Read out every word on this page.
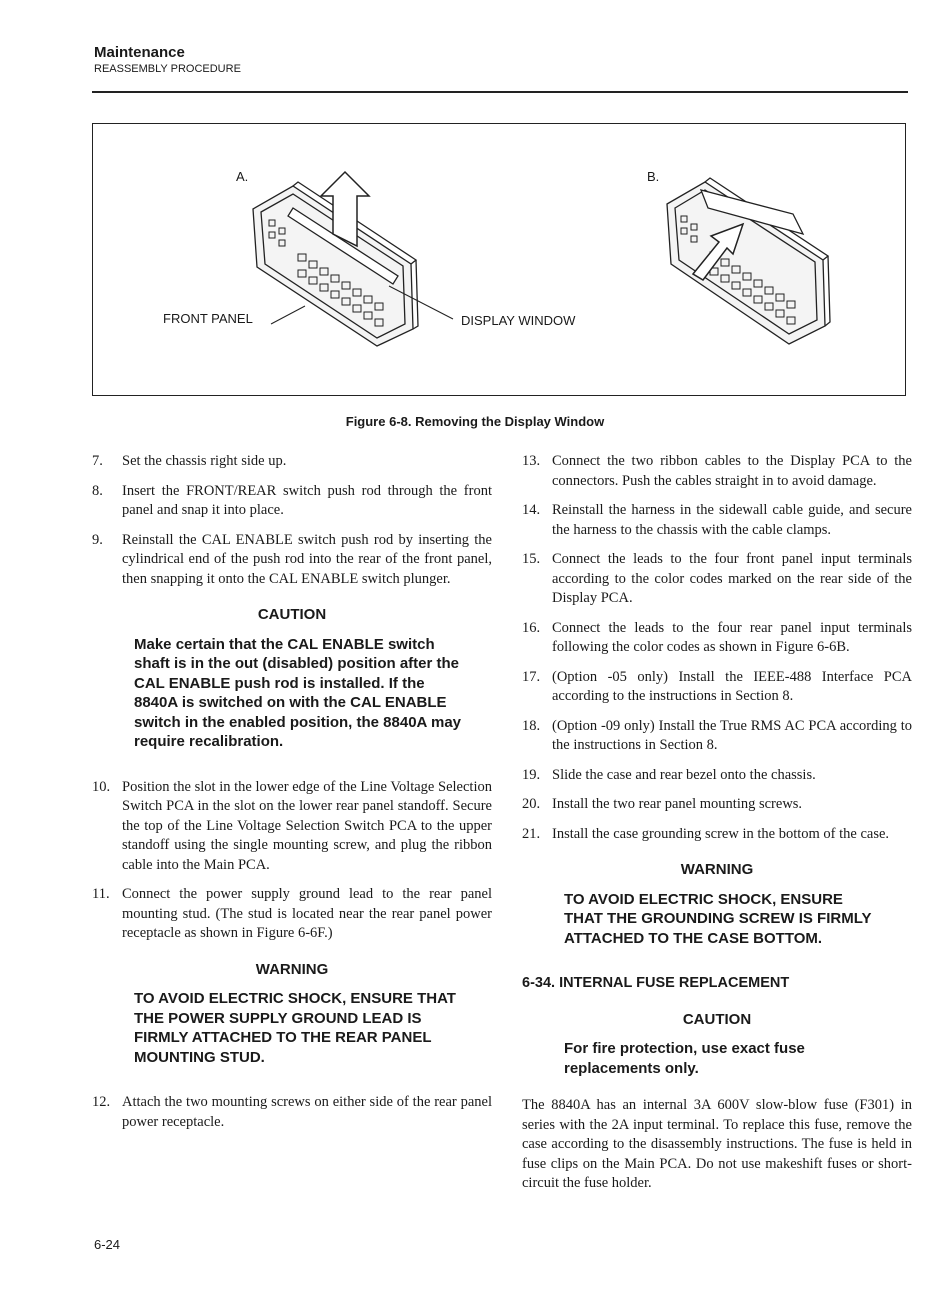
Maintenance
REASSEMBLY PROCEDURE
A.	B.
FRONT PANEL	DISPLAY WINDOW
Figure 6-8. Removing the Display Window
7.	Set the chassis right side up.
8.	Insert the FRONT/REAR switch push rod through the front panel and snap it into place.
9.	Reinstall the CAL ENABLE switch push rod by inserting the cylindrical end of the push rod into the rear of the front panel, then snapping it onto the CAL ENABLE switch plunger.
CAUTION
Make certain that the CAL ENABLE switch shaft is in the out (disabled) position after the CAL ENABLE push rod is installed. If the 8840A is switched on with the CAL ENABLE switch in the enabled position, the 8840A may require recalibration.
10. Position the slot in the lower edge of the Line Voltage Selection Switch PCA in the slot on the lower rear panel standoff. Secure the top of the Line Voltage Selection Switch PCA to the upper standoff using the single mounting screw, and plug the ribbon cable into the Main PCA.
11. Connect the power supply ground lead to the rear panel mounting stud. (The stud is located near the rear panel power receptacle as shown in Figure 6-6F.)
WARNING
TO AVOID ELECTRIC SHOCK, ENSURE THAT THE POWER SUPPLY GROUND LEAD IS FIRMLY ATTACHED TO THE REAR PANEL MOUNTING STUD.
12. Attach the two mounting screws on either side of the rear panel power receptacle.
13. Connect the two ribbon cables to the Display PCA to the connectors. Push the cables straight in to avoid damage.
14. Reinstall the harness in the sidewall cable guide, and secure the harness to the chassis with the cable clamps.
15. Connect the leads to the four front panel input terminals according to the color codes marked on the rear side of the Display PCA.
16. Connect the leads to the four rear panel input terminals following the color codes as shown in Figure 6-6B.
17. (Option -05 only) Install the IEEE-488 Interface PCA according to the instructions in Section 8.
18. (Option -09 only) Install the True RMS AC PCA according to the instructions in Section 8.
19. Slide the case and rear bezel onto the chassis.
20. Install the two rear panel mounting screws.
21. Install the case grounding screw in the bottom of the case.
WARNING
TO AVOID ELECTRIC SHOCK, ENSURE THAT THE GROUNDING SCREW IS FIRMLY ATTACHED TO THE CASE BOTTOM.
6-34. INTERNAL FUSE REPLACEMENT
CAUTION
For fire protection, use exact fuse replacements only.
The 8840A has an internal 3A 600V slow-blow fuse (F301) in series with the 2A input terminal. To replace this fuse, remove the case according to the disassembly instructions. The fuse is held in fuse clips on the Main PCA. Do not use makeshift fuses or short-circuit the fuse holder.
6-24
